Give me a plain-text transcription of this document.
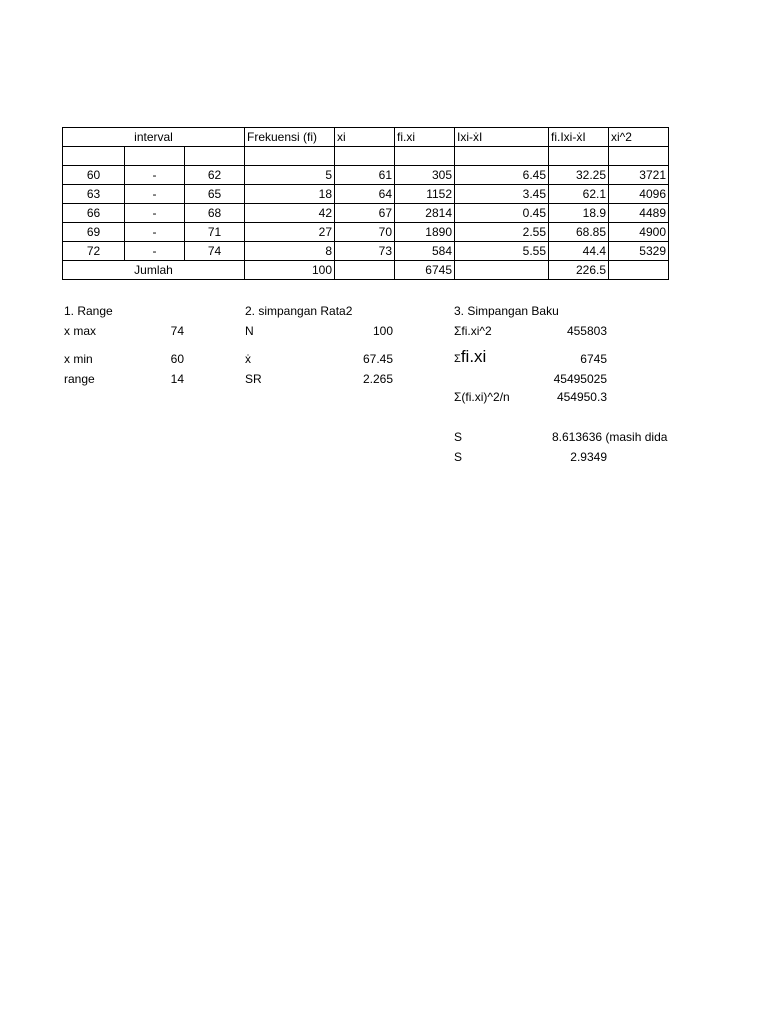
interval			Frekuensi (fi)	xi	fi.xi	Ixi-ẋI	fi.Ixi-ẋI	xi^2

60	-	62	5	61	305	6.45	32.25	3721
63	-	65	18	64	1152	3.45	62.1	4096
66	-	68	42	67	2814	0.45	18.9	4489
69	-	71	27	70	1890	2.55	68.85	4900
72	-	74	8	73	584	5.55	44.4	5329
Jumlah			100		6745		226.5	
1. Range
x max	74
x min	60
range	14
2. simpangan Rata2
N	100
ẋ	67.45
SR	2.265
3. Simpangan Baku
Σfi.xi^2	455803
Σfi.xi	6745
45495025
Σ(fi.xi)^2/n	454950.3
S	8.613636 (masih dida
S	2.9349
